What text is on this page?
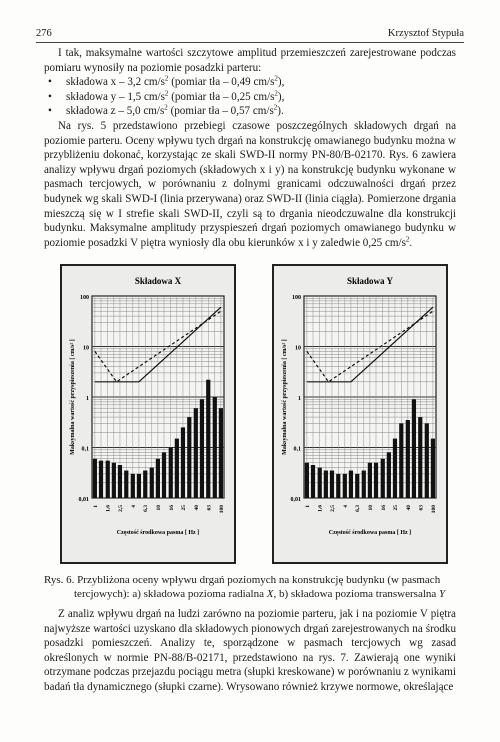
276	Krzysztof Stypuła

I tak, maksymalne wartości szczytowe amplitud przemieszczeń zarejestrowane podczas pomiaru wynosiły na poziomie posadzki parteru:

• składowa x – 3,2 $cm/s^2$ (pomiar tła – 0,49 $cm/s^2$),
• składowa y – 1,5 $cm/s^2$ (pomiar tła – 0,25 $cm/s^2$),
• składowa z – 5,0 $cm/s^2$ (pomiar tła – 0,57 $cm/s^2$).

Na rys. 5 przedstawiono przebiegi czasowe poszczególnych składowych drgań na poziomie parteru. Oceny wpływu tych drgań na konstrukcję omawianego budynku można w przybliżeniu dokonać, korzystając ze skali SWD-II normy PN-80/B-02170. Rys. 6 zawiera analizy wpływu drgań poziomych (składowych x i y) na konstrukcję budynku wykonane w pasmach tercjowych, w porównaniu z dolnymi granicami odczuwalności drgań przez budynek wg skali SWD-I (linia przerywana) oraz SWD-II (linia ciągła). Pomierzone drgania mieszczą się w I strefie skali SWD-II, czyli są to drgania nieodczuwalne dla konstrukcji budynku. Maksymalne amplitudy przyspieszeń drgań poziomych omawianego budynku w poziomie posadzki V piętra wyniosły dla obu kierunków x i y zaledwie 0,25 $cm/s^2$.

Składowa X
100
10
1
0,1
0,01
1 1,6 2,5 4 6,3 10 16 25 40 63 100
Częstość środkowa pasma [ Hz ]
Maksymalna wartość przyspieszenia [ cm/s² ]
Składowa Y
100
10
1
0,1
0,01
1 1,6 2,5 4 6,3 10 16 25 40 63 100
Częstość środkowa pasma [ Hz ]
Maksymalna wartość przyspieszenia [ cm/s² ]

Rys. 6. Przybliżona oceny wpływu drgań poziomych na konstrukcję budynku (w pasmach

tercjowych): a) składowa pozioma radialna X, b) składowa pozioma transwersalna Y

Z analiz wpływu drgań na ludzi zarówno na poziomie parteru, jak i na poziomie V piętra najwyższe wartości uzyskano dla składowych pionowych drgań zarejestrowanych na środku posadzki pomieszczeń. Analizy te, sporządzone w pasmach tercjowych wg zasad określonych w normie PN-88/B-02171, przedstawiono na rys. 7. Zawierają one wyniki otrzymane podczas przejazdu pociągu metra (słupki kreskowane) w porównaniu z wynikami badań tła dynamicznego (słupki czarne). Wrysowano również krzywe normowe, określające
